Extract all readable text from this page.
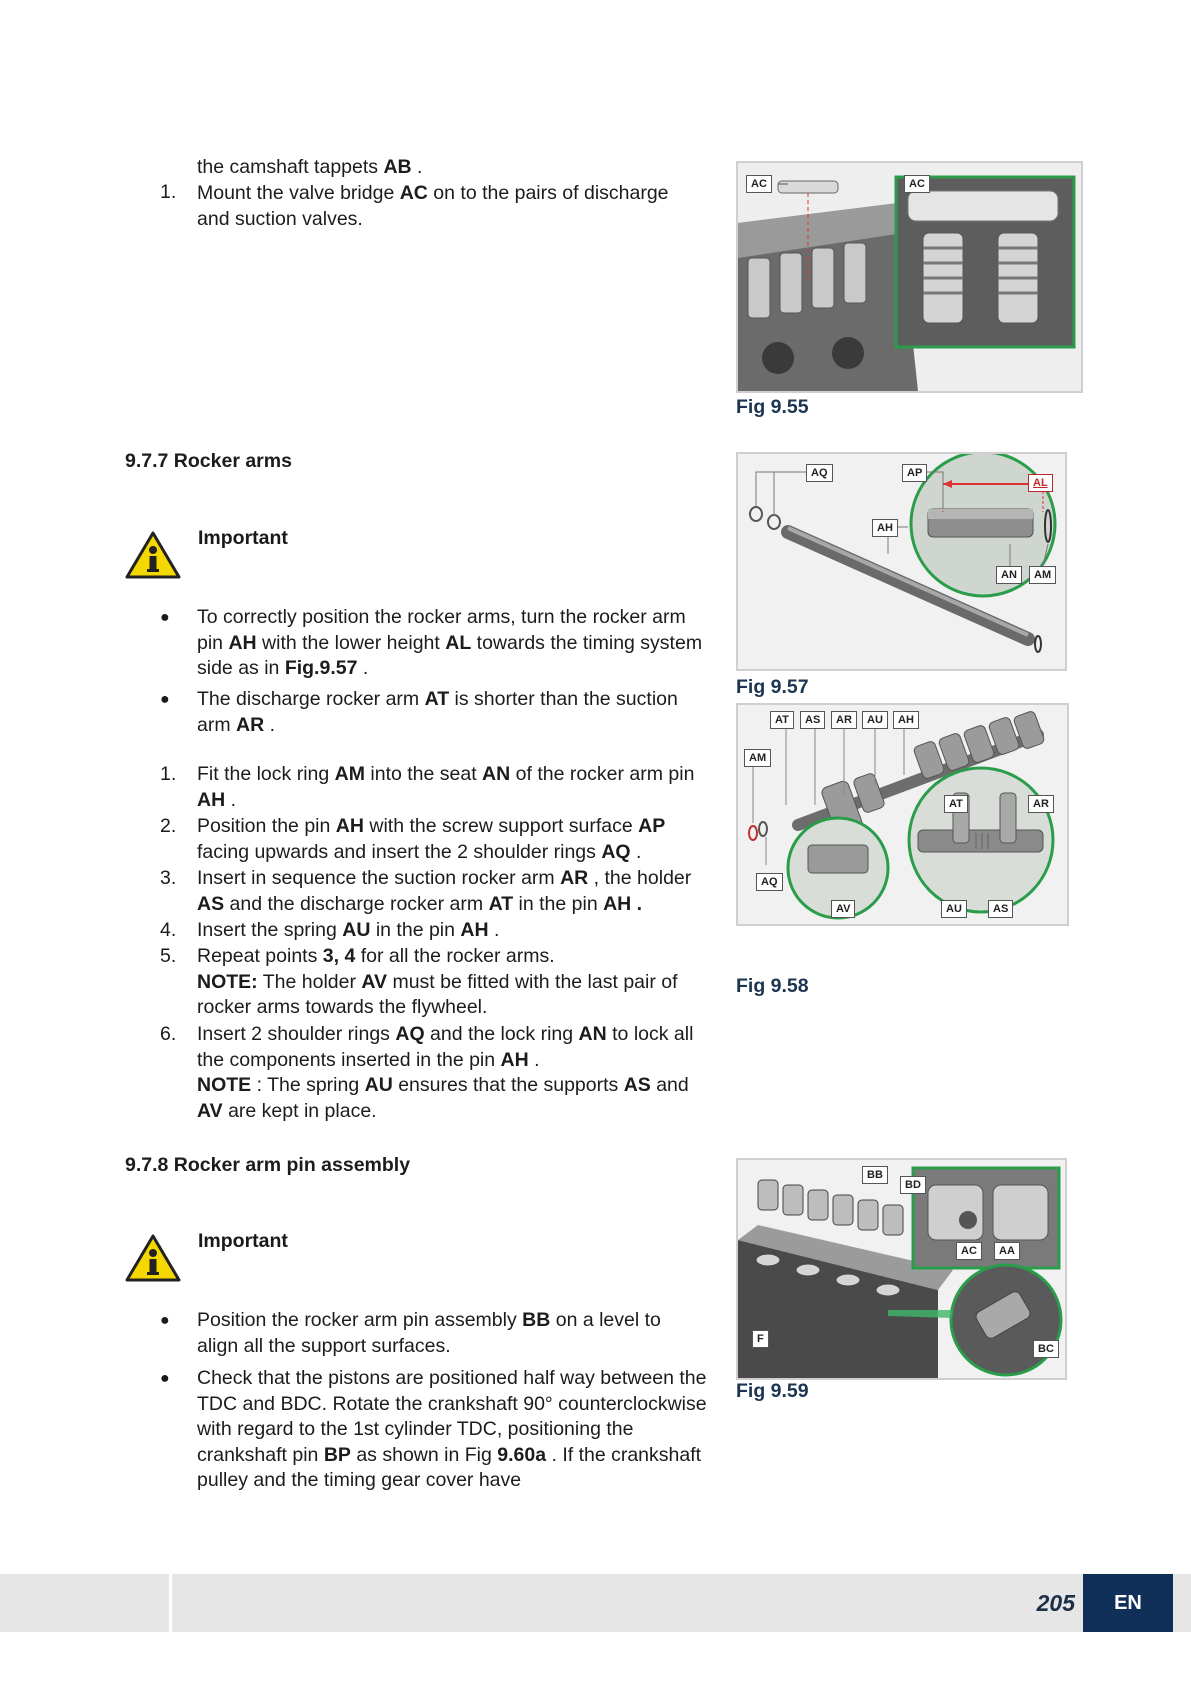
the camshaft tappets AB .
1.	Mount the valve bridge AC on to the pairs of discharge and suction valves.
AC	AC
Fig 9.55
9.7.7 Rocker arms
Important
● To correctly position the rocker arms, turn the rocker arm pin AH with the lower height AL towards the timing system side as in Fig.9.57 .
● The discharge rocker arm AT is shorter than the suction arm AR .
1.	Fit the lock ring AM into the seat AN of the rocker arm pin AH .
2.	Position the pin AH with the screw support surface AP facing upwards and insert the 2 shoulder rings AQ .
3.	Insert in sequence the suction rocker arm AR , the holder AS and the discharge rocker arm AT in the pin AH .
4.	Insert the spring AU in the pin AH .
5.	Repeat points 3, 4 for all the rocker arms.
NOTE: The holder AV must be fitted with the last pair of rocker arms towards the flywheel.
6.	Insert 2 shoulder rings AQ and the lock ring AN to lock all the components inserted in the pin AH .
NOTE : The spring AU ensures that the supports AS and AV are kept in place.
AQ	AP
AL
AH
AN	AM
Fig 9.57
AT	AS	AR	AU	AH
AM
AT	AR
AQ
AV	AU	AS
Fig 9.58
9.7.8 Rocker arm pin assembly
Important
● Position the rocker arm pin assembly BB on a level to align all the support surfaces.
● Check that the pistons are positioned half way between the TDC and BDC. Rotate the crankshaft 90° counterclockwise with regard to the 1st cylinder TDC, positioning the crankshaft pin BP as shown in Fig 9.60a . If the crankshaft pulley and the timing gear cover have
BB
BD
AC	AA
F
BC
Fig 9.59
205	EN
